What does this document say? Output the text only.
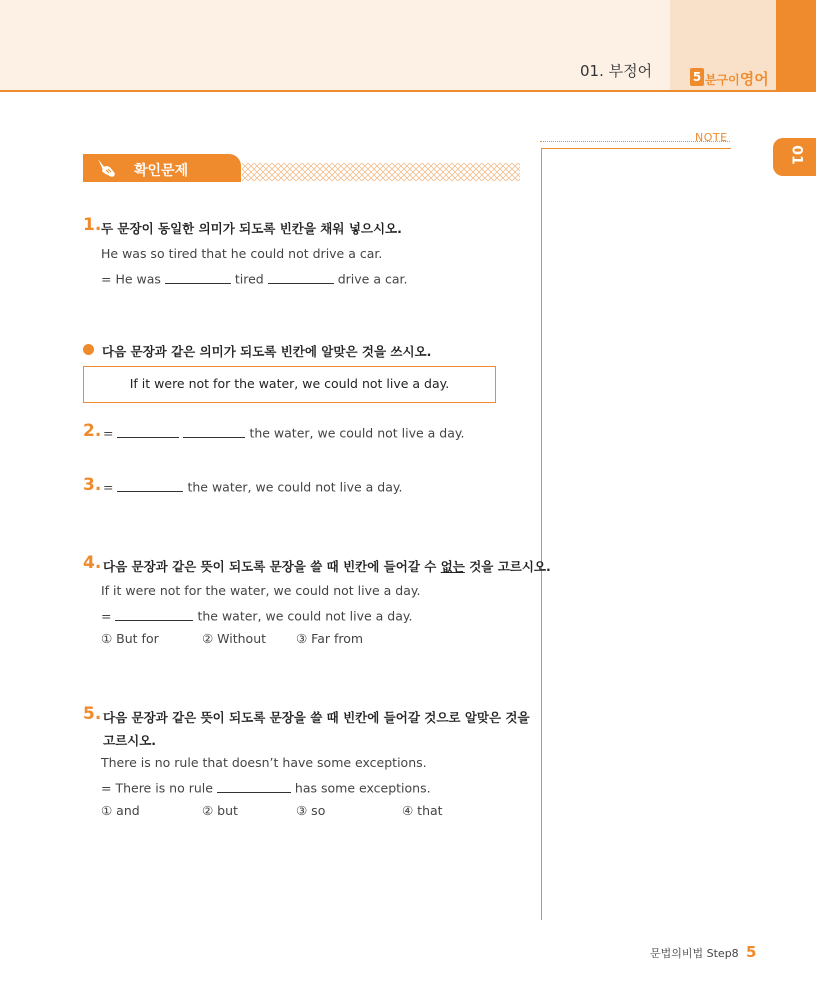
01. 부정어	5 분구이영어
01
NOTE
확인문제
1. 두 문장이 동일한 의미가 되도록 빈칸을 채워 넣으시오.
He was so tired that he could not drive a car.
= He was	tired	drive a car.
다음 문장과 같은 의미가 되도록 빈칸에 알맞은 것을 쓰시오.
If it were not for the water, we could not live a day.
2. =	the water, we could not live a day.
3. =	the water, we could not live a day.
4. 다음 문장과 같은 뜻이 되도록 문장을 쓸 때 빈칸에 들어갈 수 없는 것을 고르시오.
If it were not for the water, we could not live a day.
=	the water, we could not live a day.
① But for	② Without ③ Far from
5. 다음 문장과 같은 뜻이 되도록 문장을 쓸 때 빈칸에 들어갈 것으로 알맞은 것을
고르시오.
There is no rule that doesn’t have some exceptions.
= There is no rule	has some exceptions.
① and	② but	③ so	④ that
문법의비법 Step8 5
